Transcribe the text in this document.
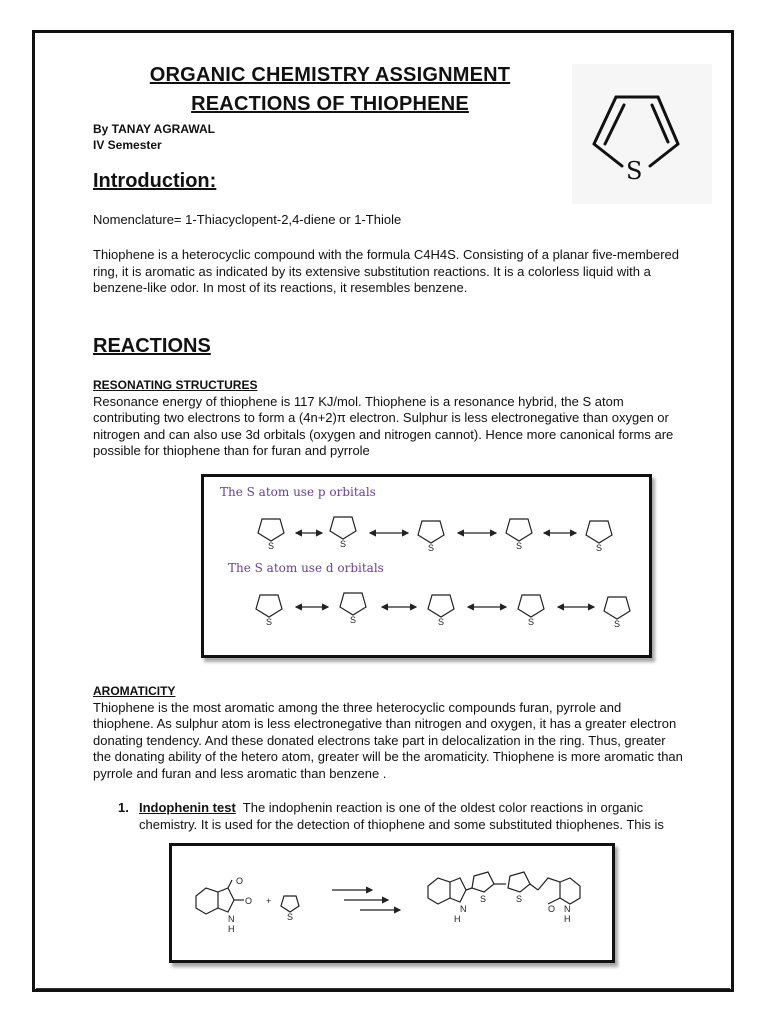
ORGANIC CHEMISTRY ASSIGNMENT
REACTIONS OF THIOPHENE
By TANAY AGRAWAL
IV Semester
S
Introduction:

Nomenclature= 1-Thiacyclopent-2,4-diene or 1-Thiole

Thiophene is a heterocyclic compound with the formula C4H4S. Consisting of a planar five-membered ring, it is aromatic as indicated by its extensive substitution reactions. It is a colorless liquid with a benzene-like odor. In most of its reactions, it resembles benzene.

REACTIONS
RESONATING STRUCTURES
Resonance energy of thiophene is 117 KJ/mol. Thiophene is a resonance hybrid, the S atom contributing two electrons to form a (4n+2)π electron. Sulphur is less electronegative than oxygen or nitrogen and can also use 3d orbitals (oxygen and nitrogen cannot). Hence more canonical forms are possible for thiophene than for furan and pyrrole
The S atom use p orbitals
The S atom use d orbitals
S	S	S	S	S
S	S	S	S	S
AROMATICITY
Thiophene is the most aromatic among the three heterocyclic compounds furan, pyrrole and thiophene. As sulphur atom is less electronegative than nitrogen and oxygen, it has a greater electron donating tendency. And these donated electrons take part in delocalization in the ring. Thus, greater the donating ability of the hetero atom, greater will be the aromaticity. Thiophene is more aromatic than pyrrole and furan and less aromatic than benzene .
1. Indophenin test The indophenin reaction is one of the oldest color reactions in organic chemistry. It is used for the detection of thiophene and some substituted thiophenes. This is
O
O
N
H
+
S
S	S
N
H
O N
H
